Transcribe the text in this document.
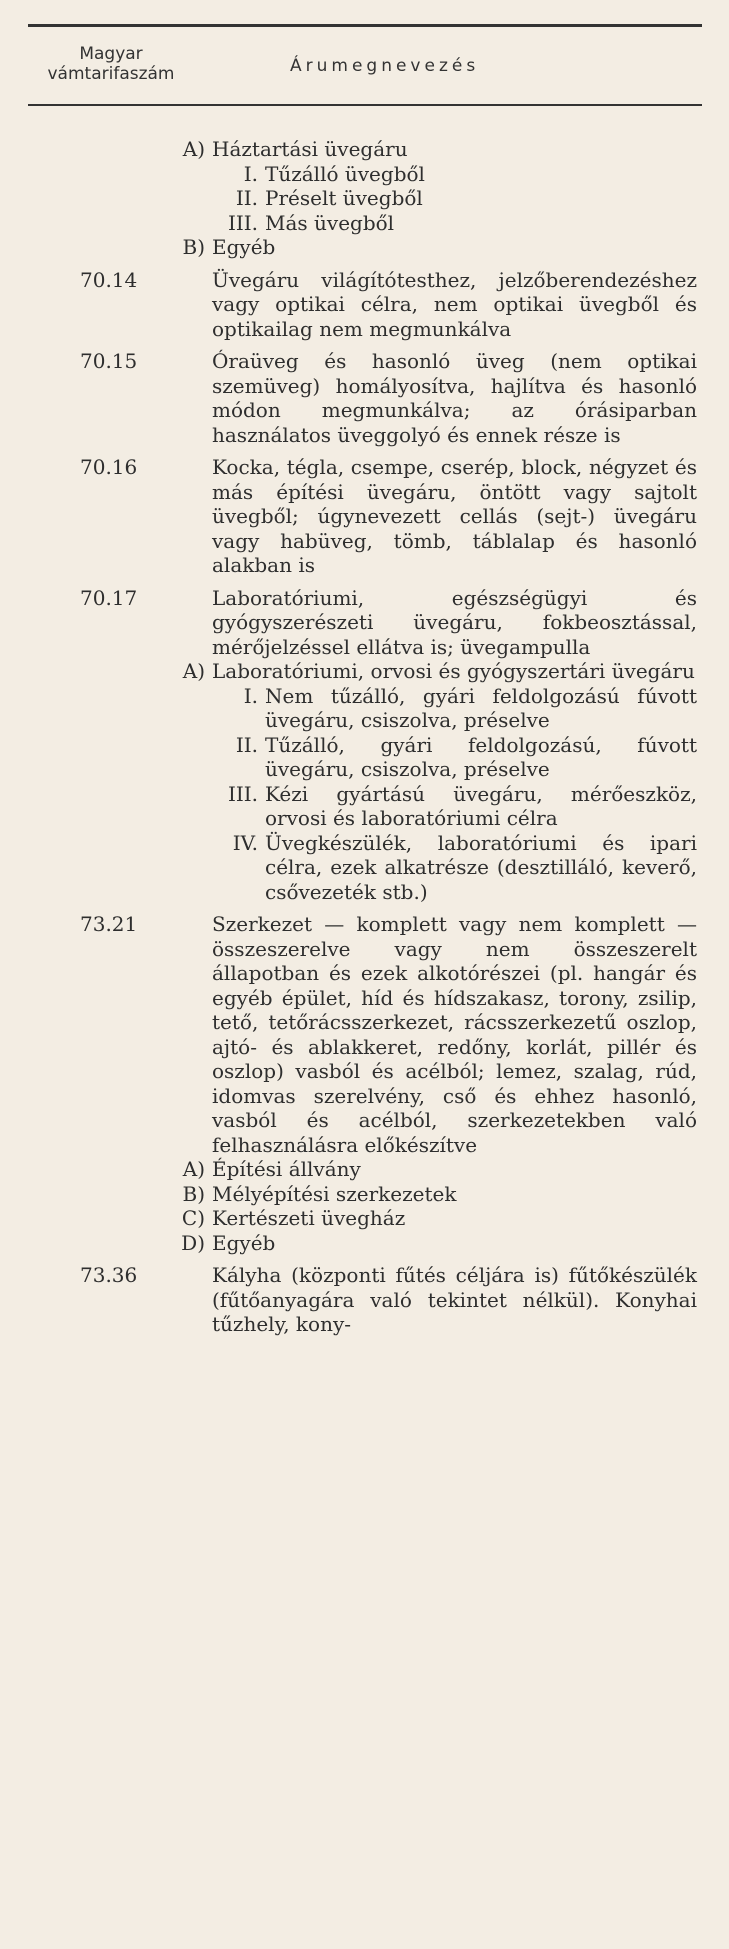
Magyar
vámtarifaszám	Árumegnevezés
A) Háztartási üvegáru
I. Tűzálló üvegből
II. Préselt üvegből
III. Más üvegből
B) Egyéb
70.14	Üvegáru világítótesthez, jelzőberendezéshez vagy optikai célra, nem optikai üvegből és optikailag nem megmunkálva
70.15	Óraüveg és hasonló üveg (nem optikai szemüveg) homályosítva, hajlítva és hasonló módon megmunkálva; az órásiparban használatos üveggolyó és ennek része is
70.16	Kocka, tégla, csempe, cserép, block, négyzet és más építési üvegáru, öntött vagy sajtolt üvegből; úgynevezett cellás (sejt-) üvegáru vagy habüveg, tömb, táblalap és hasonló alakban is
70.17	Laboratóriumi, egészségügyi és gyógyszerészeti üvegáru, fokbeosztással, mérőjelzéssel ellátva is; üvegampulla
A) Laboratóriumi, orvosi és gyógyszertári üvegáru
I. Nem tűzálló, gyári feldolgozású fúvott üvegáru, csiszolva, préselve
II. Tűzálló, gyári feldolgozású, fúvott üvegáru, csiszolva, préselve
III. Kézi gyártású üvegáru, mérőeszköz, orvosi és laboratóriumi célra
IV. Üvegkészülék, laboratóriumi és ipari célra, ezek alkatrésze (desztilláló, keverő, csővezeték stb.)
73.21	Szerkezet — komplett vagy nem komplett — összeszerelve vagy nem összeszerelt állapotban és ezek alkotórészei (pl. hangár és egyéb épület, híd és hídszakasz, torony, zsilip, tető, tetőrácsszerkezet, rácsszerkezetű oszlop, ajtó- és ablakkeret, redőny, korlát, pillér és oszlop) vasból és acélból; lemez, szalag, rúd, idomvas szerelvény, cső és ehhez hasonló, vasból és acélból, szerkezetekben való felhasználásra előkészítve
A) Építési állvány
B) Mélyépítési szerkezetek
C) Kertészeti üvegház
D) Egyéb
73.36	Kályha (központi fűtés céljára is) fűtőkészülék (fűtőanyagára való tekintet nélkül). Konyhai tűzhely, kony-
